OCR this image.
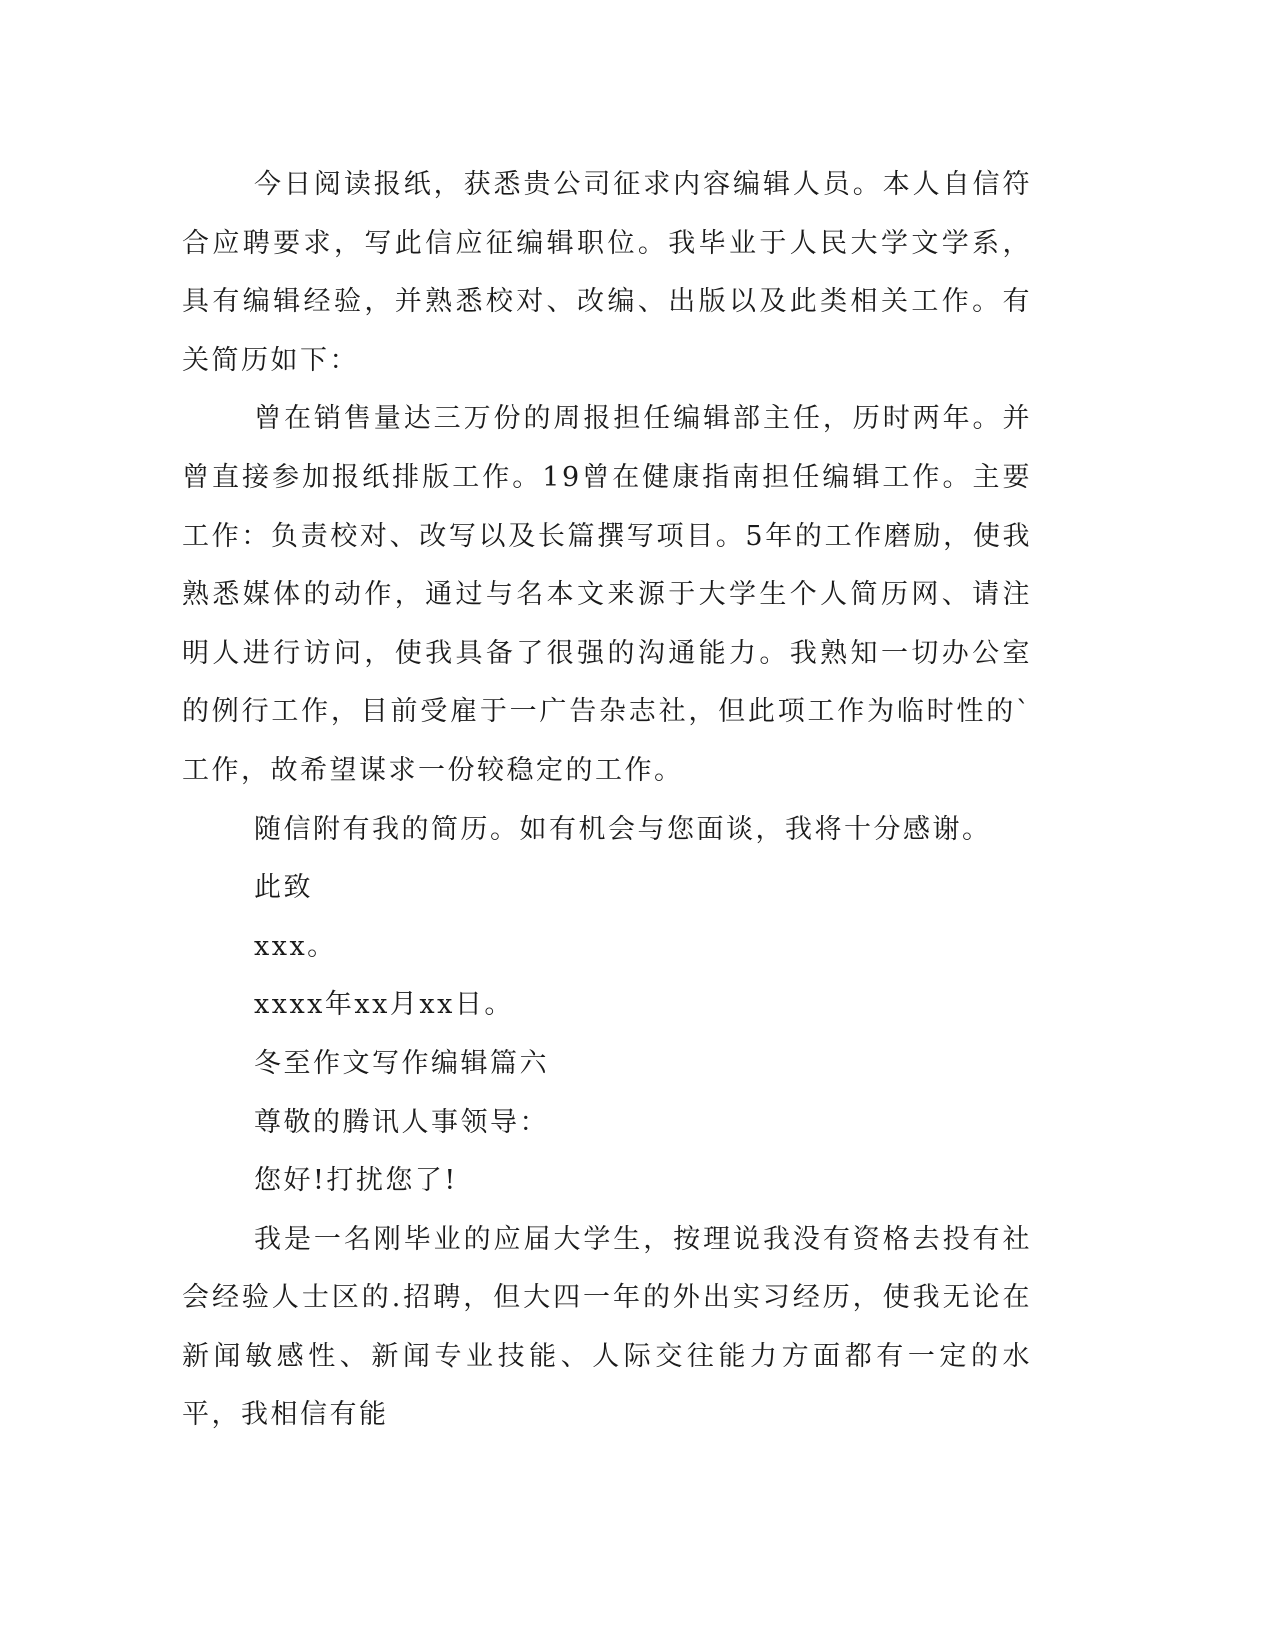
今日阅读报纸，获悉贵公司征求内容编辑人员。本人自信符合应聘要求，写此信应征编辑职位。我毕业于人民大学文学系，具有编辑经验，并熟悉校对、改编、出版以及此类相关工作。有关简历如下：

曾在销售量达三万份的周报担任编辑部主任，历时两年。并曾直接参加报纸排版工作。19曾在健康指南担任编辑工作。主要工作：负责校对、改写以及长篇撰写项目。5年的工作磨励，使我熟悉媒体的动作，通过与名本文来源于大学生个人简历网、请注明人进行访问，使我具备了很强的沟通能力。我熟知一切办公室的例行工作，目前受雇于一广告杂志社，但此项工作为临时性的`工作，故希望谋求一份较稳定的工作。

随信附有我的简历。如有机会与您面谈，我将十分感谢。

此致

xxx。

xxxx年xx月xx日。

冬至作文写作编辑篇六

尊敬的腾讯人事领导：

您好!打扰您了!

我是一名刚毕业的应届大学生，按理说我没有资格去投有社会经验人士区的.招聘，但大四一年的外出实习经历，使我无论在新闻敏感性、新闻专业技能、人际交往能力方面都有一定的水平，我相信有能
